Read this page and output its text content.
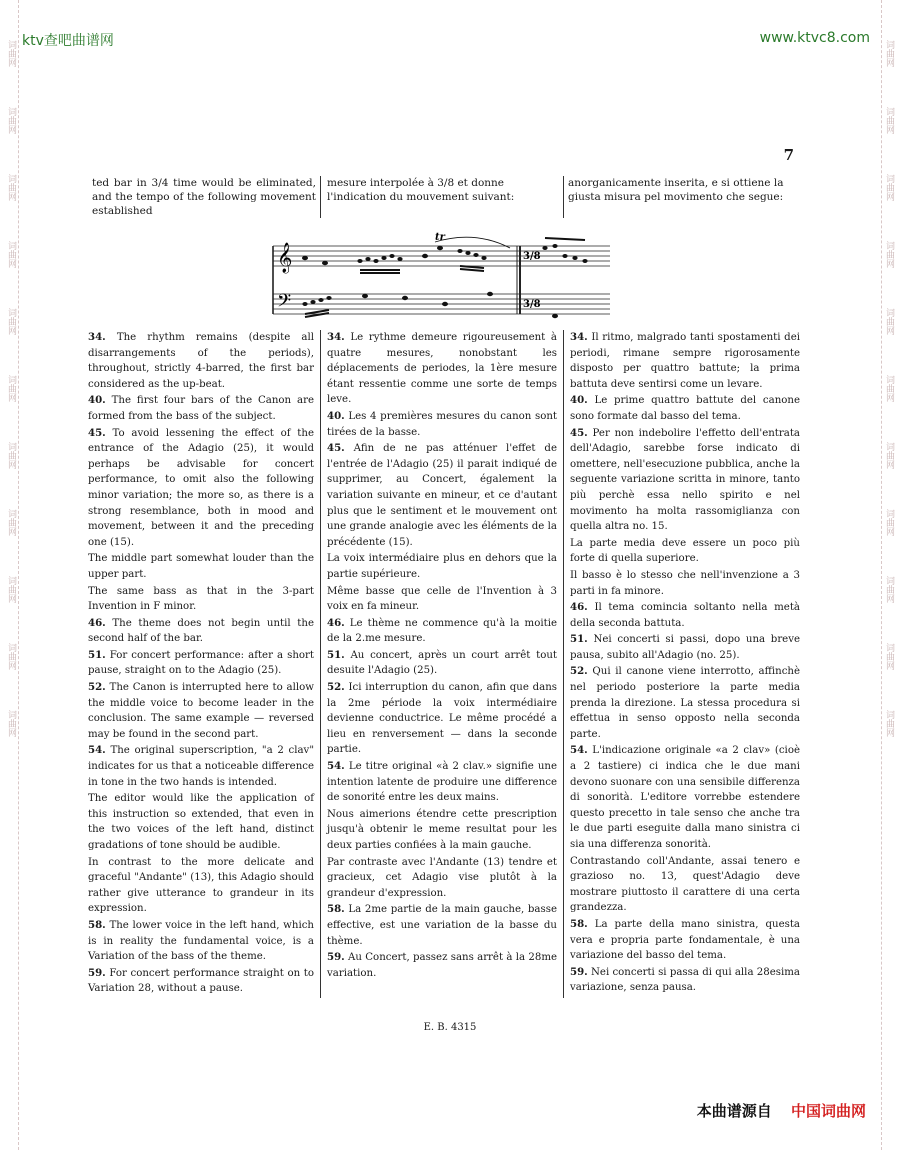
词曲网
词曲网
词曲网
词曲网
词曲网
词曲网
词曲网
词曲网
词曲网
词曲网
词曲网
词曲网
词曲网
词曲网
词曲网
词曲网
词曲网
词曲网
词曲网
词曲网
词曲网
词曲网
ktv查吧曲谱网	www.ktvc8.com
7
ted bar in 3/4 time would be eliminated, and the tempo of the following movement established
mesure interpolée à 3/8 et donne l'indication du mouvement suivant:
anorganicamente inserita, e si ottiene la giusta misura pel movimento che segue:
𝄞
𝄢
tr
3/8
3/8

34. The rhythm remains (despite all disarrangements of the periods), throughout, strictly 4-barred, the first bar considered as the up-beat.

40. The first four bars of the Canon are formed from the bass of the subject.

45. To avoid lessening the effect of the entrance of the Adagio (25), it would perhaps be advisable for concert performance, to omit also the following minor variation; the more so, as there is a strong resemblance, both in mood and movement, between it and the preceding one (15).

The middle part somewhat louder than the upper part.

The same bass as that in the 3-part Invention in F minor.

46. The theme does not begin until the second half of the bar.

51. For concert performance: after a short pause, straight on to the Adagio (25).

52. The Canon is interrupted here to allow the middle voice to become leader in the conclusion. The same example — reversed may be found in the second part.

54. The original superscription, "a 2 clav" indicates for us that a noticeable difference in tone in the two hands is intended.

The editor would like the application of this instruction so extended, that even in the two voices of the left hand, distinct gradations of tone should be audible.

In contrast to the more delicate and graceful "Andante" (13), this Adagio should rather give utterance to grandeur in its expression.

58. The lower voice in the left hand, which is in reality the fundamental voice, is a Variation of the bass of the theme.

59. For concert performance straight on to Variation 28, without a pause.

34. Le rythme demeure rigoureusement à quatre mesures, nonobstant les déplacements de periodes, la 1ère mesure étant ressentie comme une sorte de temps leve.

40. Les 4 premières mesures du canon sont tirées de la basse.

45. Afin de ne pas atténuer l'effet de l'entrée de l'Adagio (25) il parait indiqué de supprimer, au Concert, également la variation suivante en mineur, et ce d'autant plus que le sentiment et le mouvement ont une grande analogie avec les éléments de la précédente (15).

La voix intermédiaire plus en dehors que la partie supérieure.

Même basse que celle de l'Invention à 3 voix en fa mineur.

46. Le thème ne commence qu'à la moitie de la 2.me mesure.

51. Au concert, après un court arrêt tout desuite l'Adagio (25).

52. Ici interruption du canon, afin que dans la 2me période la voix intermédiaire devienne conductrice. Le même procédé a lieu en renversement — dans la seconde partie.

54. Le titre original «à 2 clav.» signifie une intention latente de produire une difference de sonorité entre les deux mains.

Nous aimerions étendre cette prescription jusqu'à obtenir le meme resultat pour les deux parties confiées à la main gauche.

Par contraste avec l'Andante (13) tendre et gracieux, cet Adagio vise plutôt à la grandeur d'expression.

58. La 2me partie de la main gauche, basse effective, est une variation de la basse du thème.

59. Au Concert, passez sans arrêt à la 28me variation.

34. Il ritmo, malgrado tanti spostamenti dei periodi, rimane sempre rigorosamente disposto per quattro battute; la prima battuta deve sentirsi come un levare.

40. Le prime quattro battute del canone sono formate dal basso del tema.

45. Per non indebolire l'effetto dell'entrata dell'Adagio, sarebbe forse indicato di omettere, nell'esecuzione pubblica, anche la seguente variazione scritta in minore, tanto più perchè essa nello spirito e nel movimento ha molta rassomiglianza con quella altra no. 15.

La parte media deve essere un poco più forte di quella superiore.

Il basso è lo stesso che nell'invenzione a 3 parti in fa minore.

46. Il tema comincia soltanto nella metà della seconda battuta.

51. Nei concerti si passi, dopo una breve pausa, subito all'Adagio (no. 25).

52. Qui il canone viene interrotto, affinchè nel periodo posteriore la parte media prenda la direzione. La stessa procedura si effettua in senso opposto nella seconda parte.

54. L'indicazione originale «a 2 clav» (cioè a 2 tastiere) ci indica che le due mani devono suonare con una sensibile differenza di sonorità. L'editore vorrebbe estendere questo precetto in tale senso che anche tra le due parti eseguite dalla mano sinistra ci sia una differenza sonorità.

Contrastando coll'Andante, assai tenero e grazioso no. 13, quest'Adagio deve mostrare piuttosto il carattere di una certa grandezza.

58. La parte della mano sinistra, questa vera e propria parte fondamentale, è una variazione del basso del tema.

59. Nei concerti si passa di qui alla 28esima variazione, senza pausa.

E. B. 4315
本曲谱源自 中国词曲网
